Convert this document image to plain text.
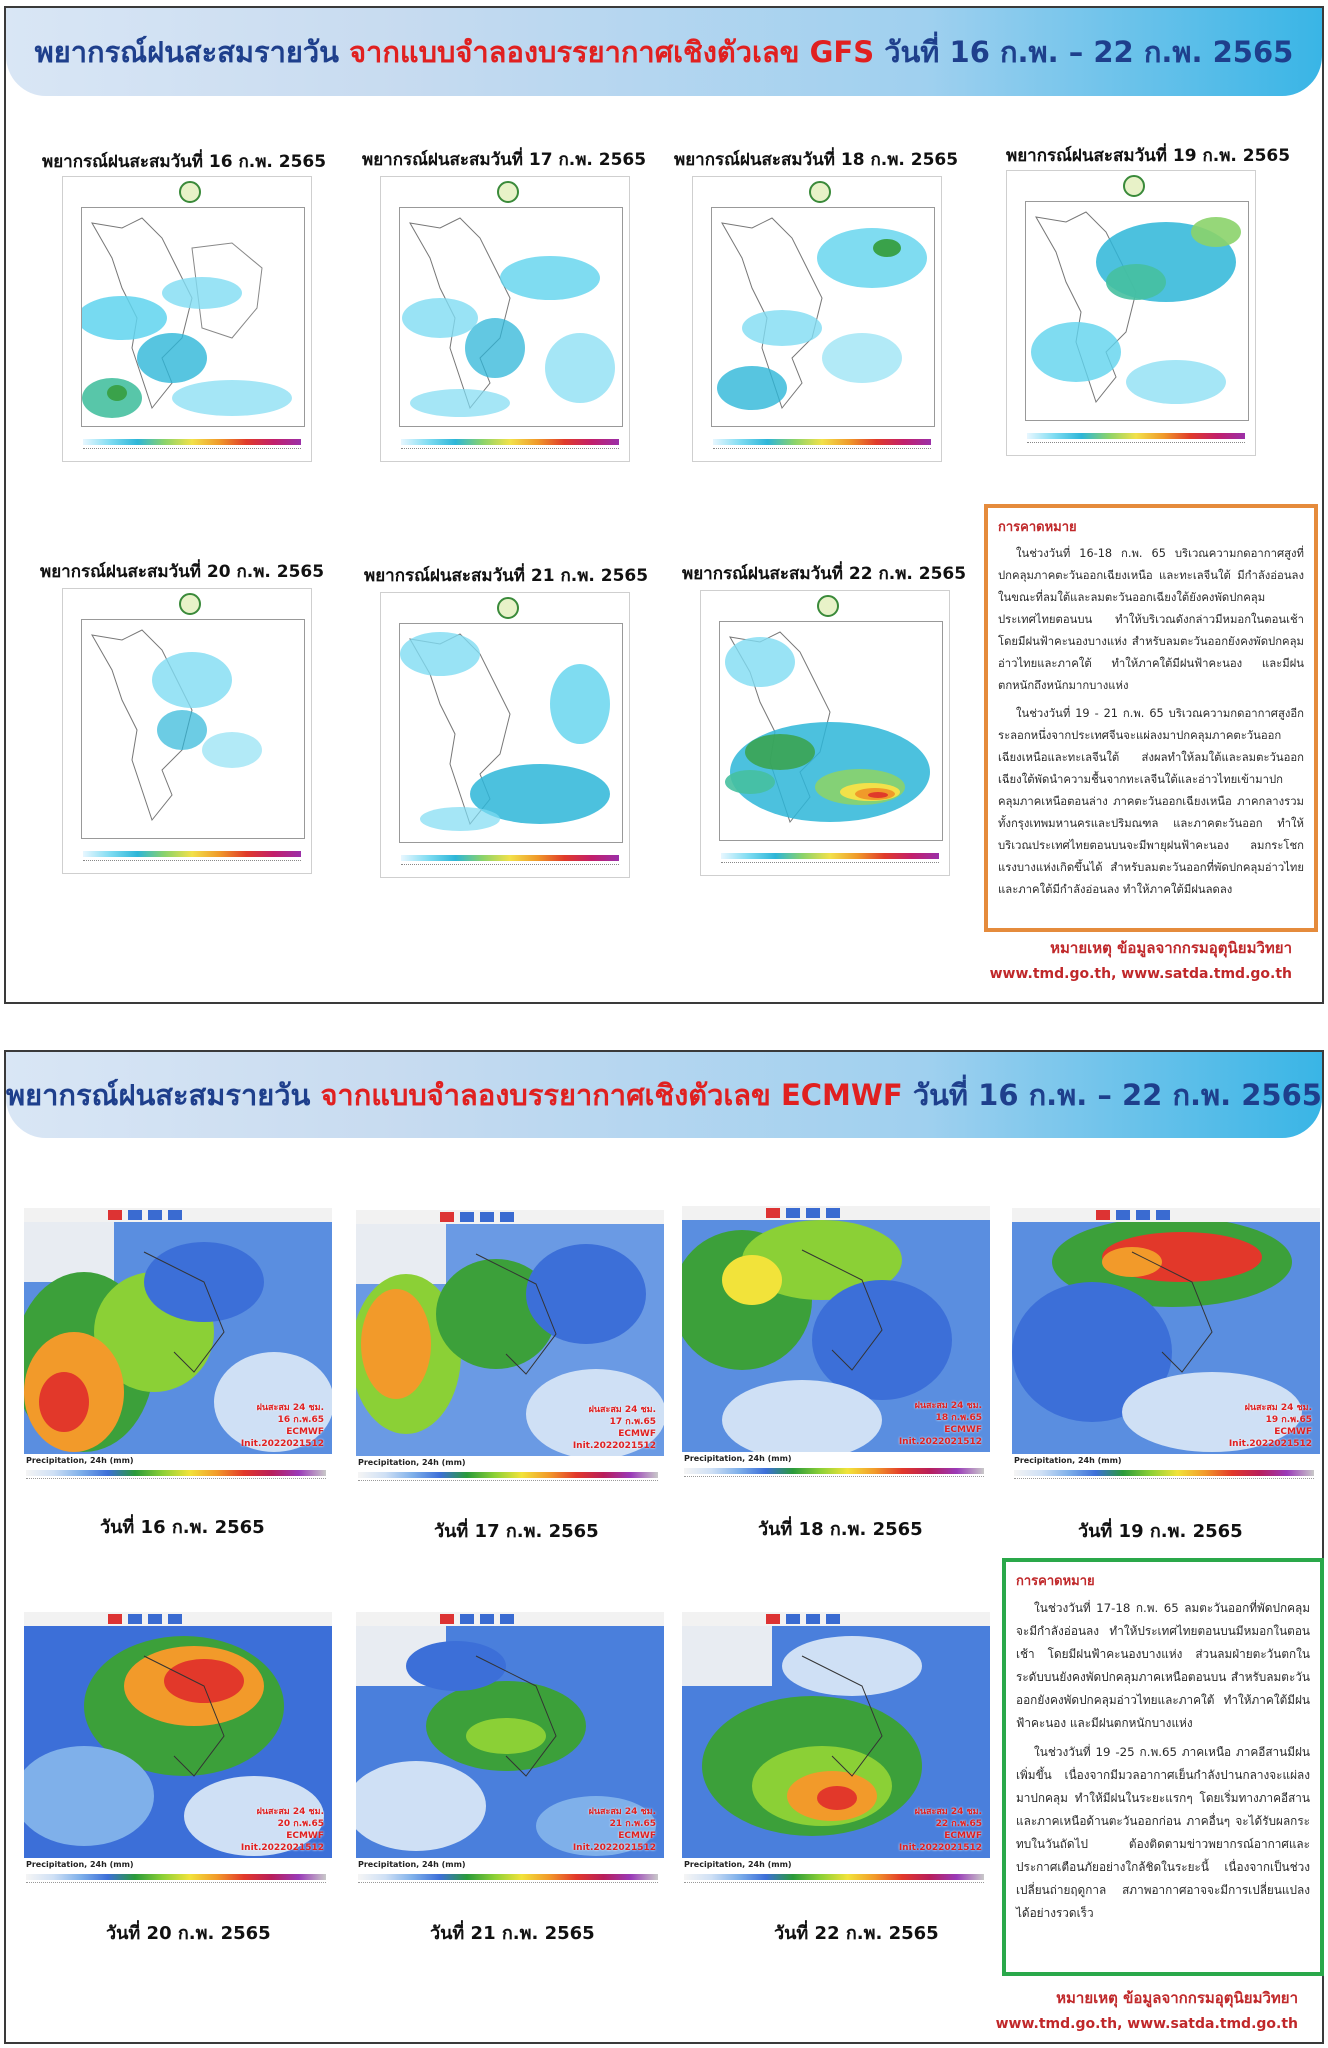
พยากรณ์ฝนสะสมรายวัน จากแบบจำลองบรรยากาศเชิงตัวเลข GFS วันที่ 16 ก.พ. – 22 ก.พ. 2565
พยากรณ์ฝนสะสมวันที่ 16 ก.พ. 2565 พยากรณ์ฝนสะสมวันที่ 17 ก.พ. 2565 พยากรณ์ฝนสะสมวันที่ 18 ก.พ. 2565	พยากรณ์ฝนสะสมวันที่ 19 ก.พ. 2565
พยากรณ์ฝนสะสมวันที่ 20 ก.พ. 2565 พยากรณ์ฝนสะสมวันที่ 21 ก.พ. 2565 พยากรณ์ฝนสะสมวันที่ 22 ก.พ. 2565
การคาดหมาย

ในช่วงวันที่ 16-18 ก.พ. 65 บริเวณความกดอากาศสูงที่ปกคลุมภาคตะวันออกเฉียงเหนือ และทะเลจีนใต้ มีกำลังอ่อนลง ในขณะที่ลมใต้และลมตะวันออกเฉียงใต้ยังคงพัดปกคลุมประเทศไทยตอนบน ทำให้บริเวณดังกล่าวมีหมอกในตอนเช้า โดยมีฝนฟ้าคะนองบางแห่ง สำหรับลมตะวันออกยังคงพัดปกคลุมอ่าวไทยและภาคใต้ ทำให้ภาคใต้มีฝนฟ้าคะนอง และมีฝนตกหนักถึงหนักมากบางแห่ง

ในช่วงวันที่ 19 - 21 ก.พ. 65 บริเวณความกดอากาศสูงอีกระลอกหนึ่งจากประเทศจีนจะแผ่ลงมาปกคลุมภาคตะวันออกเฉียงเหนือและทะเลจีนใต้ ส่งผลทำให้ลมใต้และลมตะวันออกเฉียงใต้พัดนำความชื้นจากทะเลจีนใต้และอ่าวไทยเข้ามาปกคลุมภาคเหนือตอนล่าง ภาคตะวันออกเฉียงเหนือ ภาคกลางรวมทั้งกรุงเทพมหานครและปริมณฑล และภาคตะวันออก ทำให้บริเวณประเทศไทยตอนบนจะมีพายุฝนฟ้าคะนอง ลมกระโชกแรงบางแห่งเกิดขึ้นได้ สำหรับลมตะวันออกที่พัดปกคลุมอ่าวไทยและภาคใต้มีกำลังอ่อนลง ทำให้ภาคใต้มีฝนลดลง

หมายเหตุ ข้อมูลจากกรมอุตุนิยมวิทยา
www.tmd.go.th, www.satda.tmd.go.th
พยากรณ์ฝนสะสมรายวัน จากแบบจำลองบรรยากาศเชิงตัวเลข ECMWF วันที่ 16 ก.พ. – 22 ก.พ. 2565
ฝนสะสม 24 ชม.
16 ก.พ.65
ECMWF
Init.2022021512
Precipitation, 24h (mm)
ฝนสะสม 24 ชม.
17 ก.พ.65
ECMWF
Init.2022021512
Precipitation, 24h (mm)
ฝนสะสม 24 ชม.
18 ก.พ.65
ECMWF
Init.2022021512
Precipitation, 24h (mm)
ฝนสะสม 24 ชม.
19 ก.พ.65
ECMWF
Init.2022021512
Precipitation, 24h (mm)
วันที่ 16 ก.พ. 2565	วันที่ 17 ก.พ. 2565	วันที่ 18 ก.พ. 2565	วันที่ 19 ก.พ. 2565
ฝนสะสม 24 ชม.
20 ก.พ.65
ECMWF
Init.2022021512
Precipitation, 24h (mm)
ฝนสะสม 24 ชม.
21 ก.พ.65
ECMWF
Init.2022021512
Precipitation, 24h (mm)
ฝนสะสม 24 ชม.
22 ก.พ.65
ECMWF
Init.2022021512
Precipitation, 24h (mm)
วันที่ 20 ก.พ. 2565	วันที่ 21 ก.พ. 2565	วันที่ 22 ก.พ. 2565
การคาดหมาย

ในช่วงวันที่ 17-18 ก.พ. 65 ลมตะวันออกที่พัดปกคลุมจะมีกำลังอ่อนลง ทำให้ประเทศไทยตอนบนมีหมอกในตอนเช้า โดยมีฝนฟ้าคะนองบางแห่ง ส่วนลมฝ่ายตะวันตกในระดับบนยังคงพัดปกคลุมภาคเหนือตอนบน สำหรับลมตะวันออกยังคงพัดปกคลุมอ่าวไทยและภาคใต้ ทำให้ภาคใต้มีฝนฟ้าคะนอง และมีฝนตกหนักบางแห่ง

ในช่วงวันที่ 19 -25 ก.พ.65 ภาคเหนือ ภาคอีสานมีฝนเพิ่มขึ้น เนื่องจากมีมวลอากาศเย็นกำลังปานกลางจะแผ่ลงมาปกคลุม ทำให้มีฝนในระยะแรกๆ โดยเริ่มทางภาคอีสานและภาคเหนือด้านตะวันออกก่อน ภาคอื่นๆ จะได้รับผลกระทบในวันถัดไป ต้องติดตามข่าวพยากรณ์อากาศและประกาศเตือนภัยอย่างใกล้ชิดในระยะนี้ เนื่องจากเป็นช่วงเปลี่ยนถ่ายฤดูกาล สภาพอากาศอาจจะมีการเปลี่ยนแปลงได้อย่างรวดเร็ว

หมายเหตุ ข้อมูลจากกรมอุตุนิยมวิทยา
www.tmd.go.th, www.satda.tmd.go.th
